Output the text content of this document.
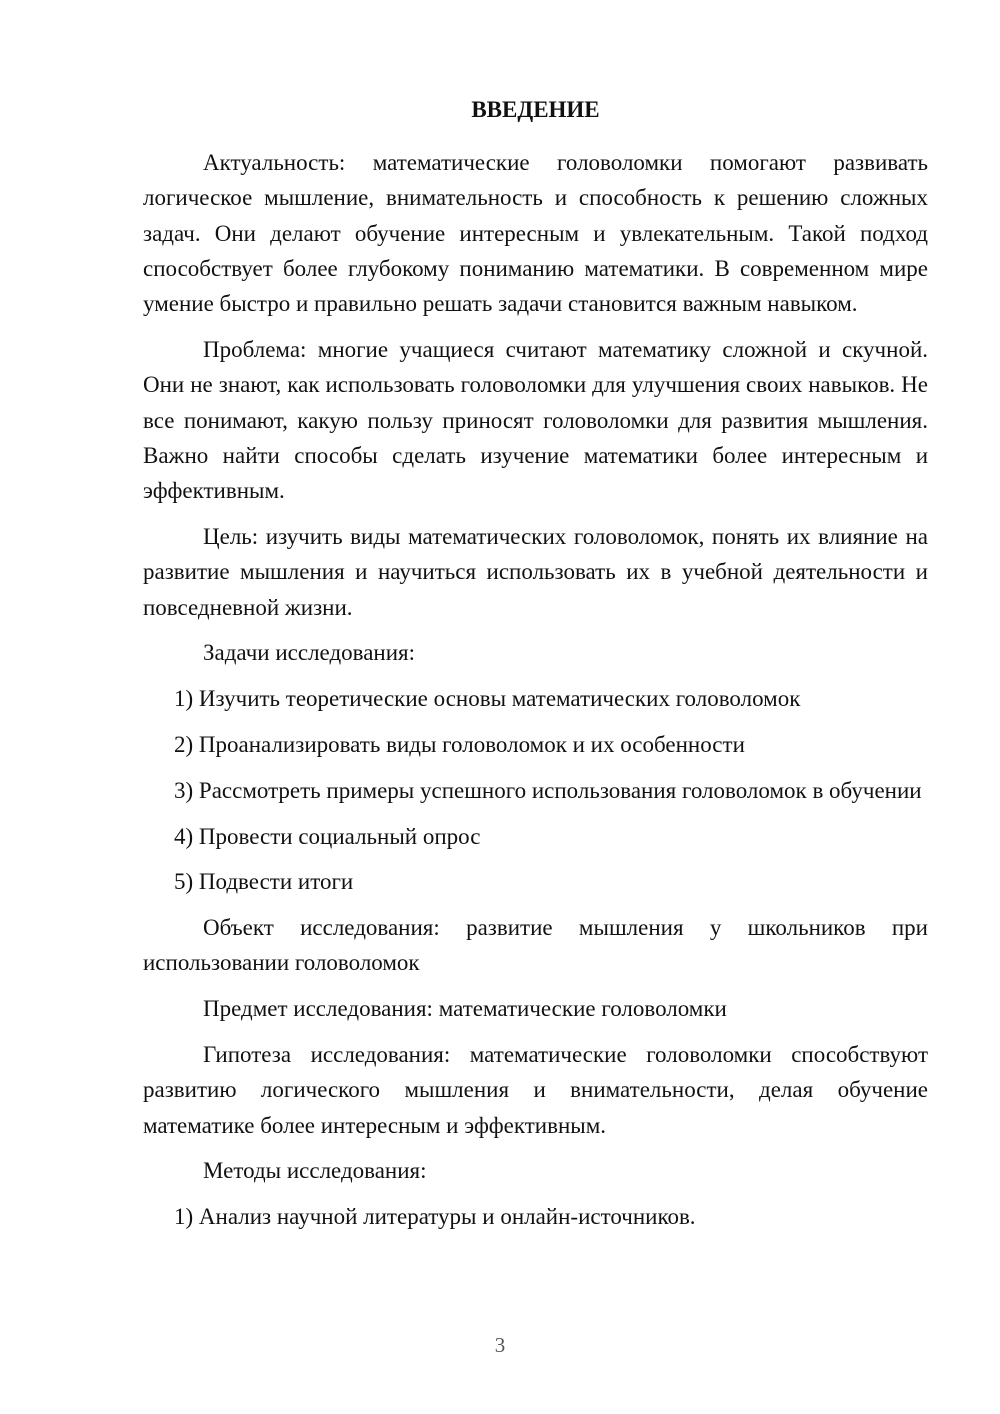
ВВЕДЕНИЕ

Актуальность: математические головоломки помогают развивать логическое мышление, внимательность и способность к решению сложных задач. Они делают обучение интересным и увлекательным. Такой подход способствует более глубокому пониманию математики. В современном мире умение быстро и правильно решать задачи становится важным навыком.

Проблема: многие учащиеся считают математику сложной и скучной. Они не знают, как использовать головоломки для улучшения своих навыков. Не все понимают, какую пользу приносят головоломки для развития мышления. Важно найти способы сделать изучение математики более интересным и эффективным.

Цель: изучить виды математических головоломок, понять их влияние на развитие мышления и научиться использовать их в учебной деятельности и повседневной жизни.

Задачи исследования:

1) Изучить теоретические основы математических головоломок

2) Проанализировать виды головоломок и их особенности

3) Рассмотреть примеры успешного использования головоломок в обучении

4) Провести социальный опрос

5) Подвести итоги

Объект исследования: развитие мышления у школьников при использовании головоломок

Предмет исследования: математические головоломки

Гипотеза исследования: математические головоломки способствуют развитию логического мышления и внимательности, делая обучение математике более интересным и эффективным.

Методы исследования:

1) Анализ научной литературы и онлайн-источников.

3
